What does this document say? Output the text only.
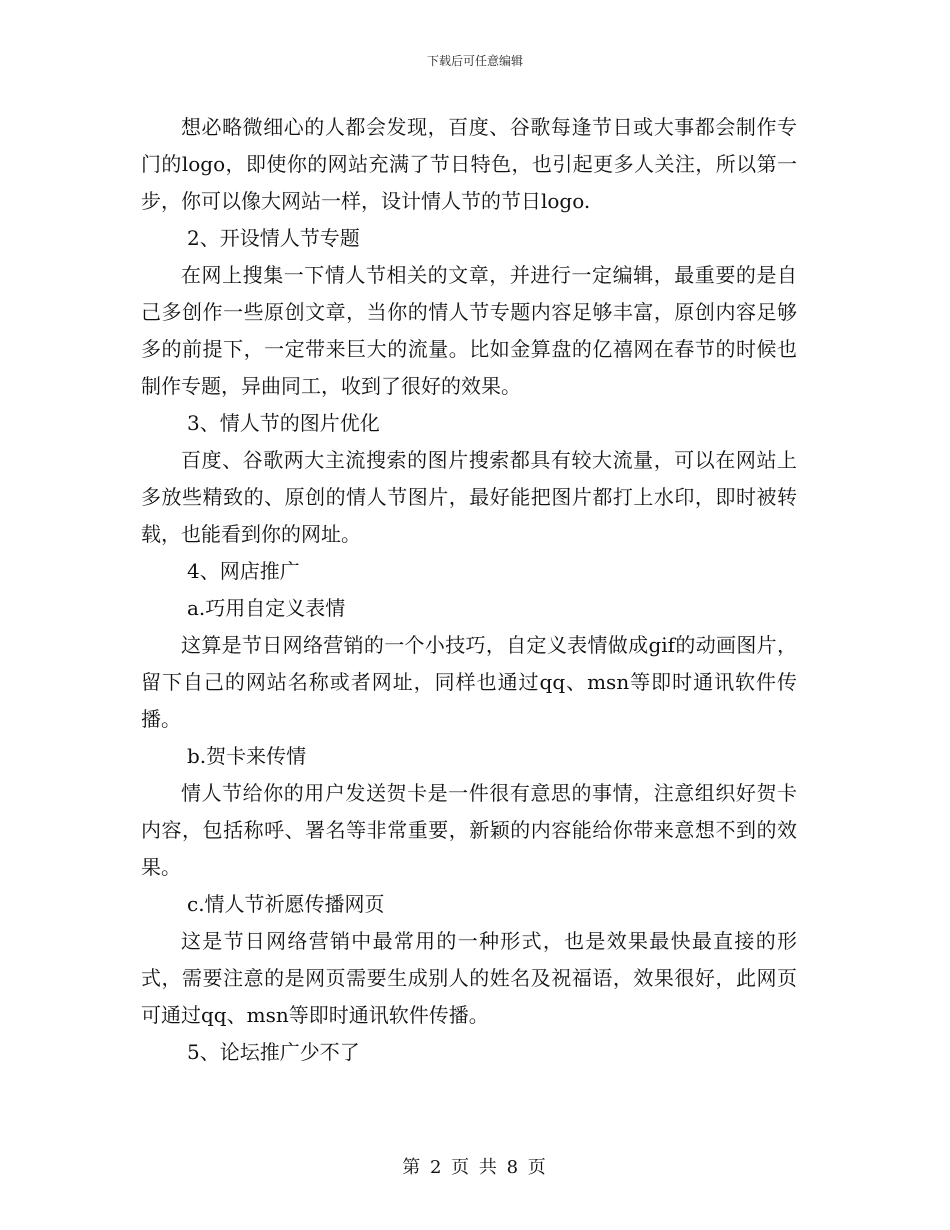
下载后可任意编辑

想必略微细心的人都会发现，百度、谷歌每逢节日或大事都会制作专门的logo，即使你的网站充满了节日特色，也引起更多人关注，所以第一步，你可以像大网站一样，设计情人节的节日logo.

2、开设情人节专题

在网上搜集一下情人节相关的文章，并进行一定编辑，最重要的是自己多创作一些原创文章，当你的情人节专题内容足够丰富，原创内容足够多的前提下，一定带来巨大的流量。比如金算盘的亿禧网在春节的时候也制作专题，异曲同工，收到了很好的效果。

3、情人节的图片优化

百度、谷歌两大主流搜索的图片搜索都具有较大流量，可以在网站上多放些精致的、原创的情人节图片，最好能把图片都打上水印，即时被转载，也能看到你的网址。

4、网店推广

a.巧用自定义表情

这算是节日网络营销的一个小技巧，自定义表情做成gif的动画图片，留下自己的网站名称或者网址，同样也通过qq、msn等即时通讯软件传播。

b.贺卡来传情

情人节给你的用户发送贺卡是一件很有意思的事情，注意组织好贺卡内容，包括称呼、署名等非常重要，新颖的内容能给你带来意想不到的效果。

c.情人节祈愿传播网页

这是节日网络营销中最常用的一种形式，也是效果最快最直接的形式，需要注意的是网页需要生成别人的姓名及祝福语，效果很好，此网页可通过qq、msn等即时通讯软件传播。

5、论坛推广少不了

第 2 页 共 8 页
